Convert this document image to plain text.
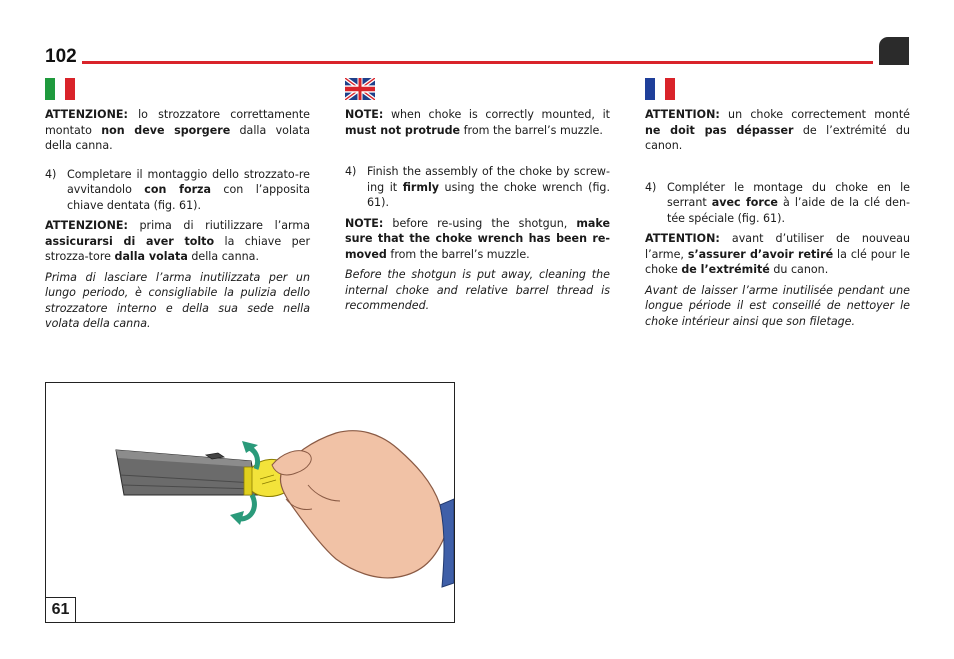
102

ATTENZIONE: lo strozzatore correttamente montato non deve sporgere dalla volata della canna.

4) Completare il montaggio dello strozzato-re avvitandolo con forza con l’apposita chiave dentata (fig. 61).

ATTENZIONE: prima di riutilizzare l’arma assicurarsi di aver tolto la chiave per strozza-tore dalla volata della canna.

Prima di lasciare l’arma inutilizzata per un lungo periodo, è consigliabile la pulizia dello strozzatore interno e della sua sede nella volata della canna.

NOTE: when choke is correctly mounted, it must not protrude from the barrel’s muzzle.

4) Finish the assembly of the choke by screw-ing it firmly using the choke wrench (fig. 61).

NOTE: before re-using the shotgun, make sure that the choke wrench has been re-moved from the barrel’s muzzle.

Before the shotgun is put away, cleaning the internal choke and relative barrel thread is recommended.

ATTENTION: un choke correctement monté ne doit pas dépasser de l’extrémité du canon.

4) Compléter le montage du choke en le serrant avec force à l’aide de la clé den-tée spéciale (fig. 61).

ATTENTION: avant d’utiliser de nouveau l’arme, s’assurer d’avoir retiré la clé pour le choke de l’extrémité du canon.

Avant de laisser l’arme inutilisée pendant une longue période il est conseillé de nettoyer le choke intérieur ainsi que son filetage.

61
